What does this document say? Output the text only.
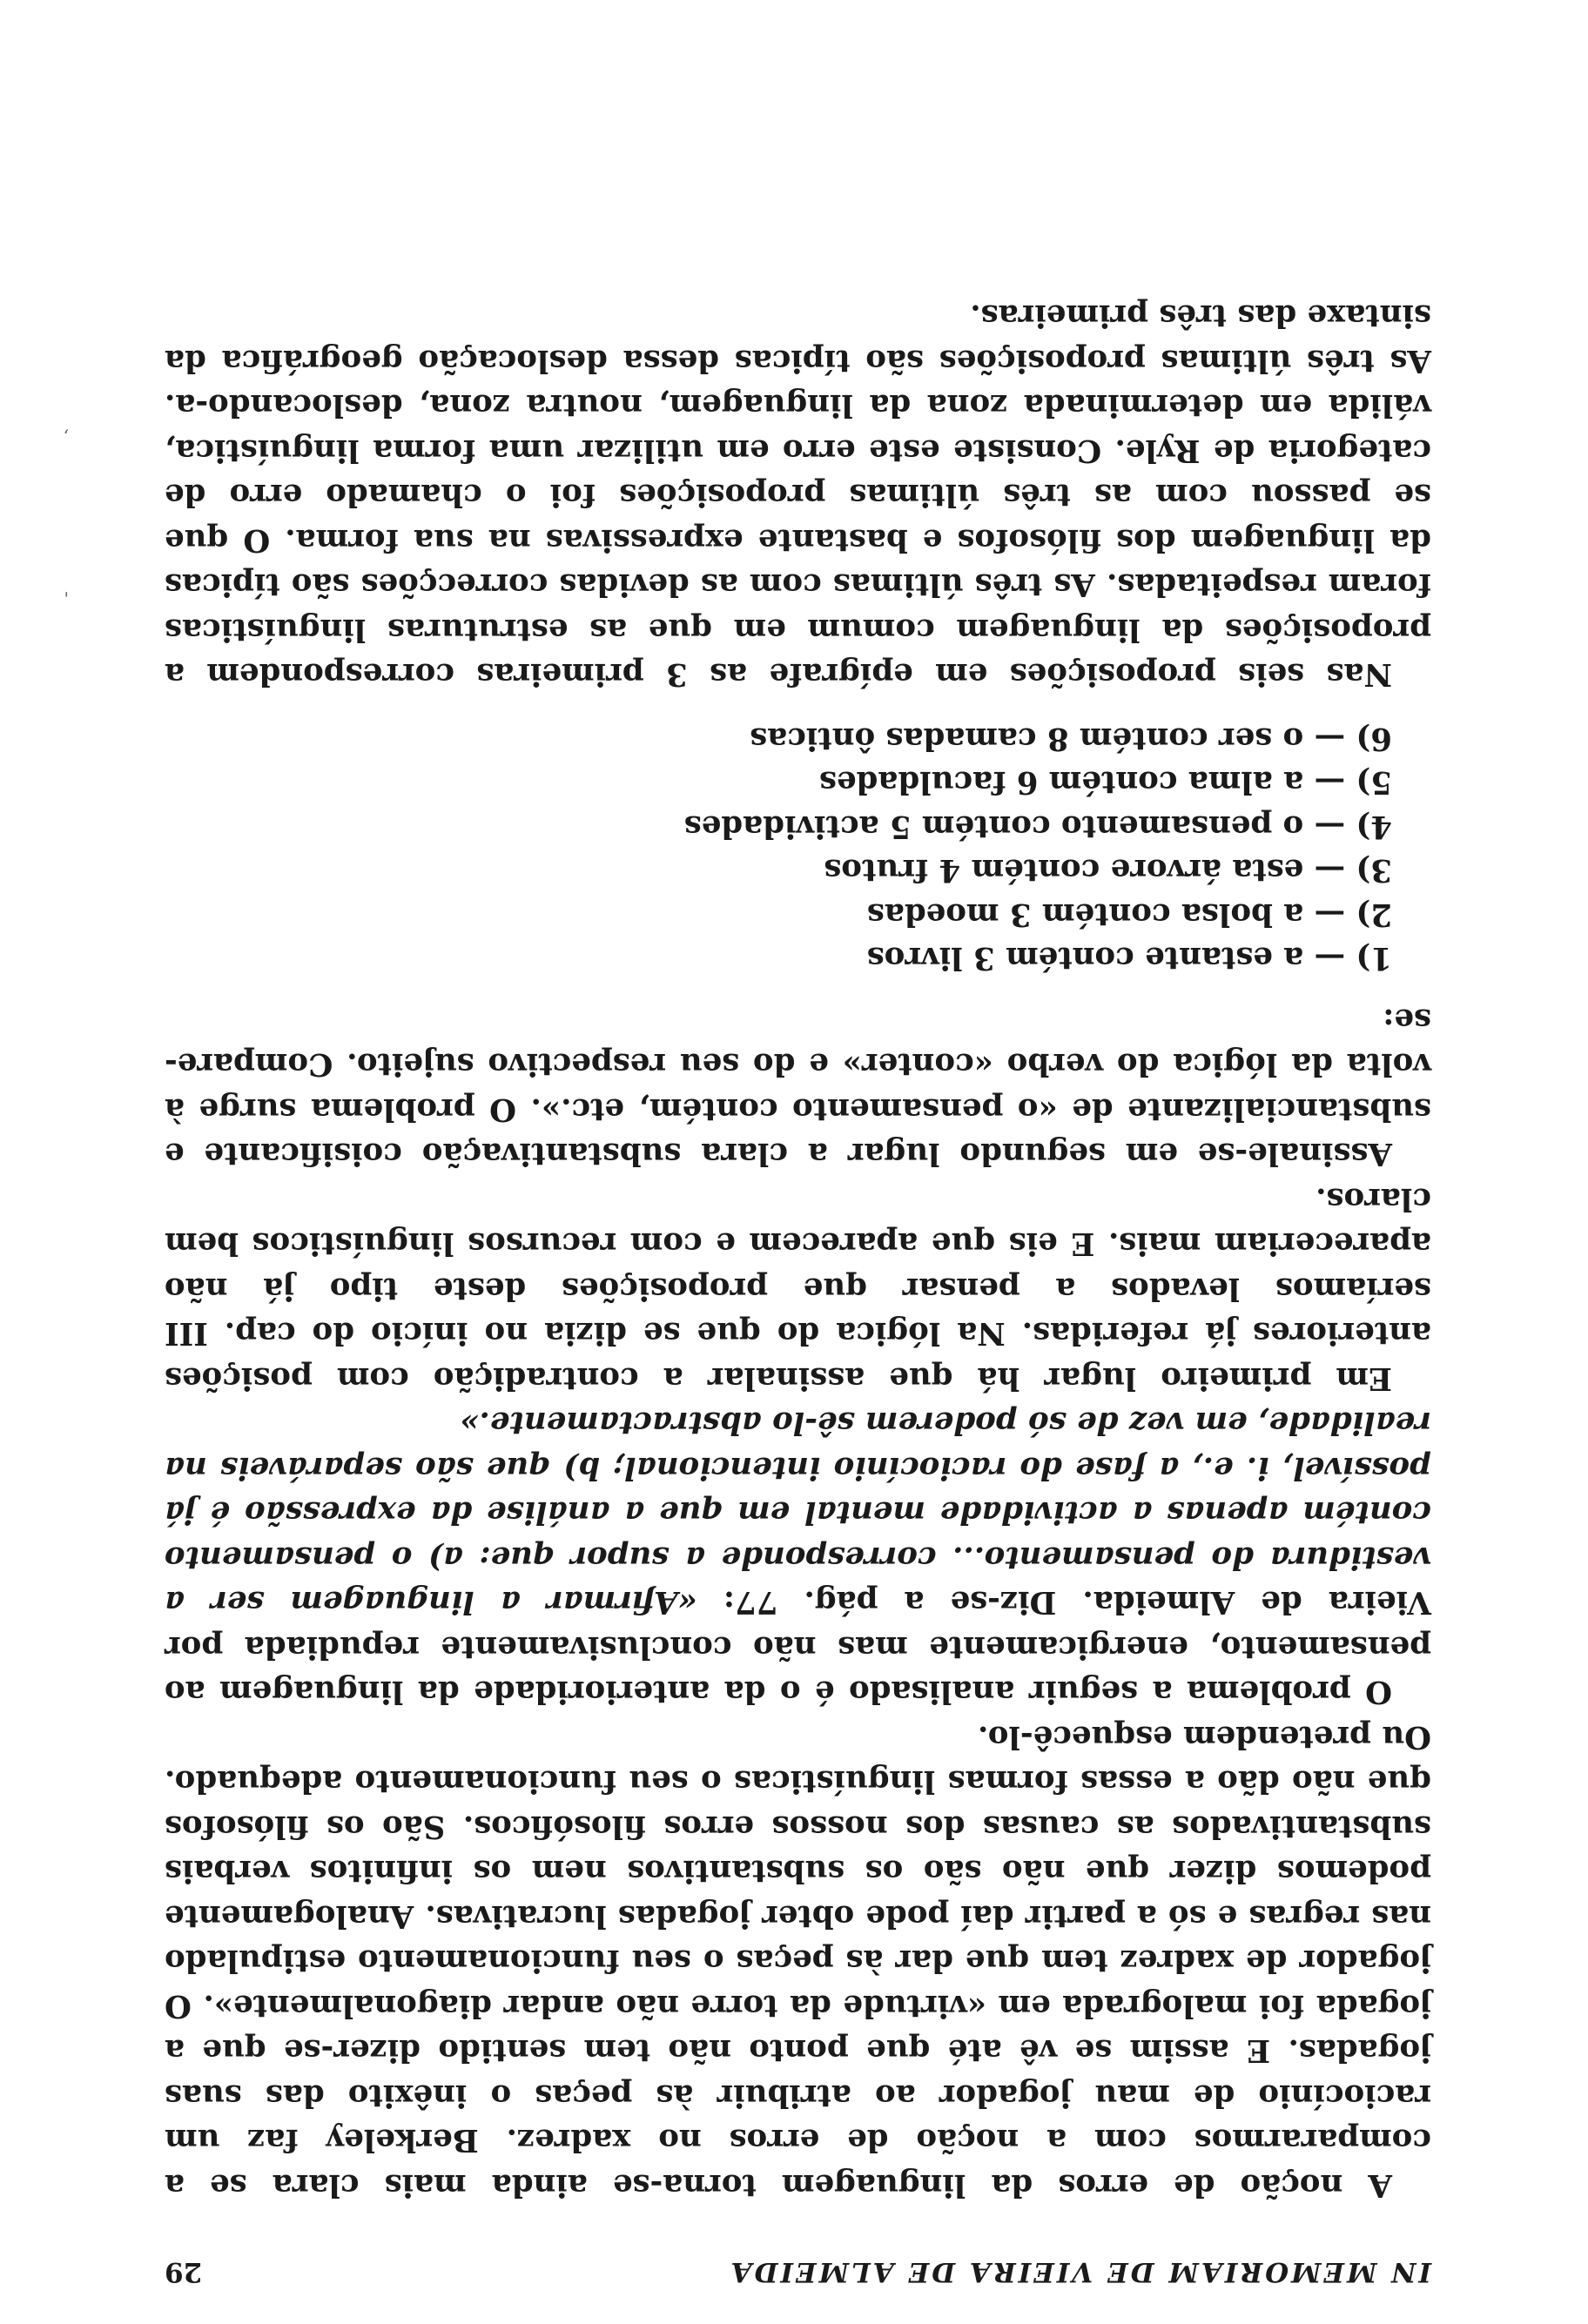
IN MEMORIAM DE VIEIRA DE ALMEIDA
29

A noção de erros da linguagem torna-se ainda mais clara se a compararmos com a noção de erros no xadrez. Berkeley faz um raciocínio de mau jogador ao atribuir às peças o inêxito das suas jogadas. E assim se vê até que ponto não tem sentido dizer-se que a jogada foi malograda em «virtude da torre não andar diagonalmente». O jogador de xadrez tem que dar às peças o seu funcionamento estipulado nas regras e só a partir daí pode obter jogadas lucrativas. Analogamente podemos dizer que não são os substantivos nem os infinitos verbais substantivados as causas dos nossos erros filosóficos. São os filósofos que não dão a essas formas linguísticas o seu funcionamento adequado. Ou pretendem esquecê-lo.

O problema a seguir analisado é o da anterioridade da linguagem ao pensamento, energicamente mas não conclusivamente repudiada por Vieira de Almeida. Diz-se a pág. 77: «Afirmar a linguagem ser a vestidura do pensamento... corresponde a supor que: a) o pensamento contém apenas a actividade mental em que a análise da expressão é já possível, i. e., a fase do raciocínio intencional; b) que são separáveis na realidade, em vez de só poderem sê-lo abstractamente.»

Em primeiro lugar há que assinalar a contradição com posições anteriores já referidas. Na lógica do que se dizia no início do cap. III seríamos levados a pensar que proposições deste tipo já não apareceriam mais. E eis que aparecem e com recursos linguísticos bem claros.

Assinale-se em segundo lugar a clara substantivação coisificante e substancializante de «o pensamento contém, etc.». O problema surge à volta da lógica do verbo «conter» e do seu respectivo sujeito. Compare-se:

1) — a estante contém 3 livros
2) — a bolsa contém 3 moedas
3) — esta árvore contém 4 frutos
4) — o pensamento contém 5 actividades
5) — a alma contém 6 faculdades
6) — o ser contém 8 camadas ônticas

Nas seis proposições em epígrafe as 3 primeiras correspondem a proposições da linguagem comum em que as estruturas linguísticas foram respeitadas. As três últimas com as devidas correcções são típicas da linguagem dos filósofos e bastante expressivas na sua forma. O que se passou com as três últimas proposições foi o chamado erro de categoria de Ryle. Consiste este erro em utilizar uma forma linguística, válida em determinada zona da linguagem, noutra zona, deslocando-a. As três últimas proposições são típicas dessa deslocação geográfica da sintaxe das três primeiras.

'
,
